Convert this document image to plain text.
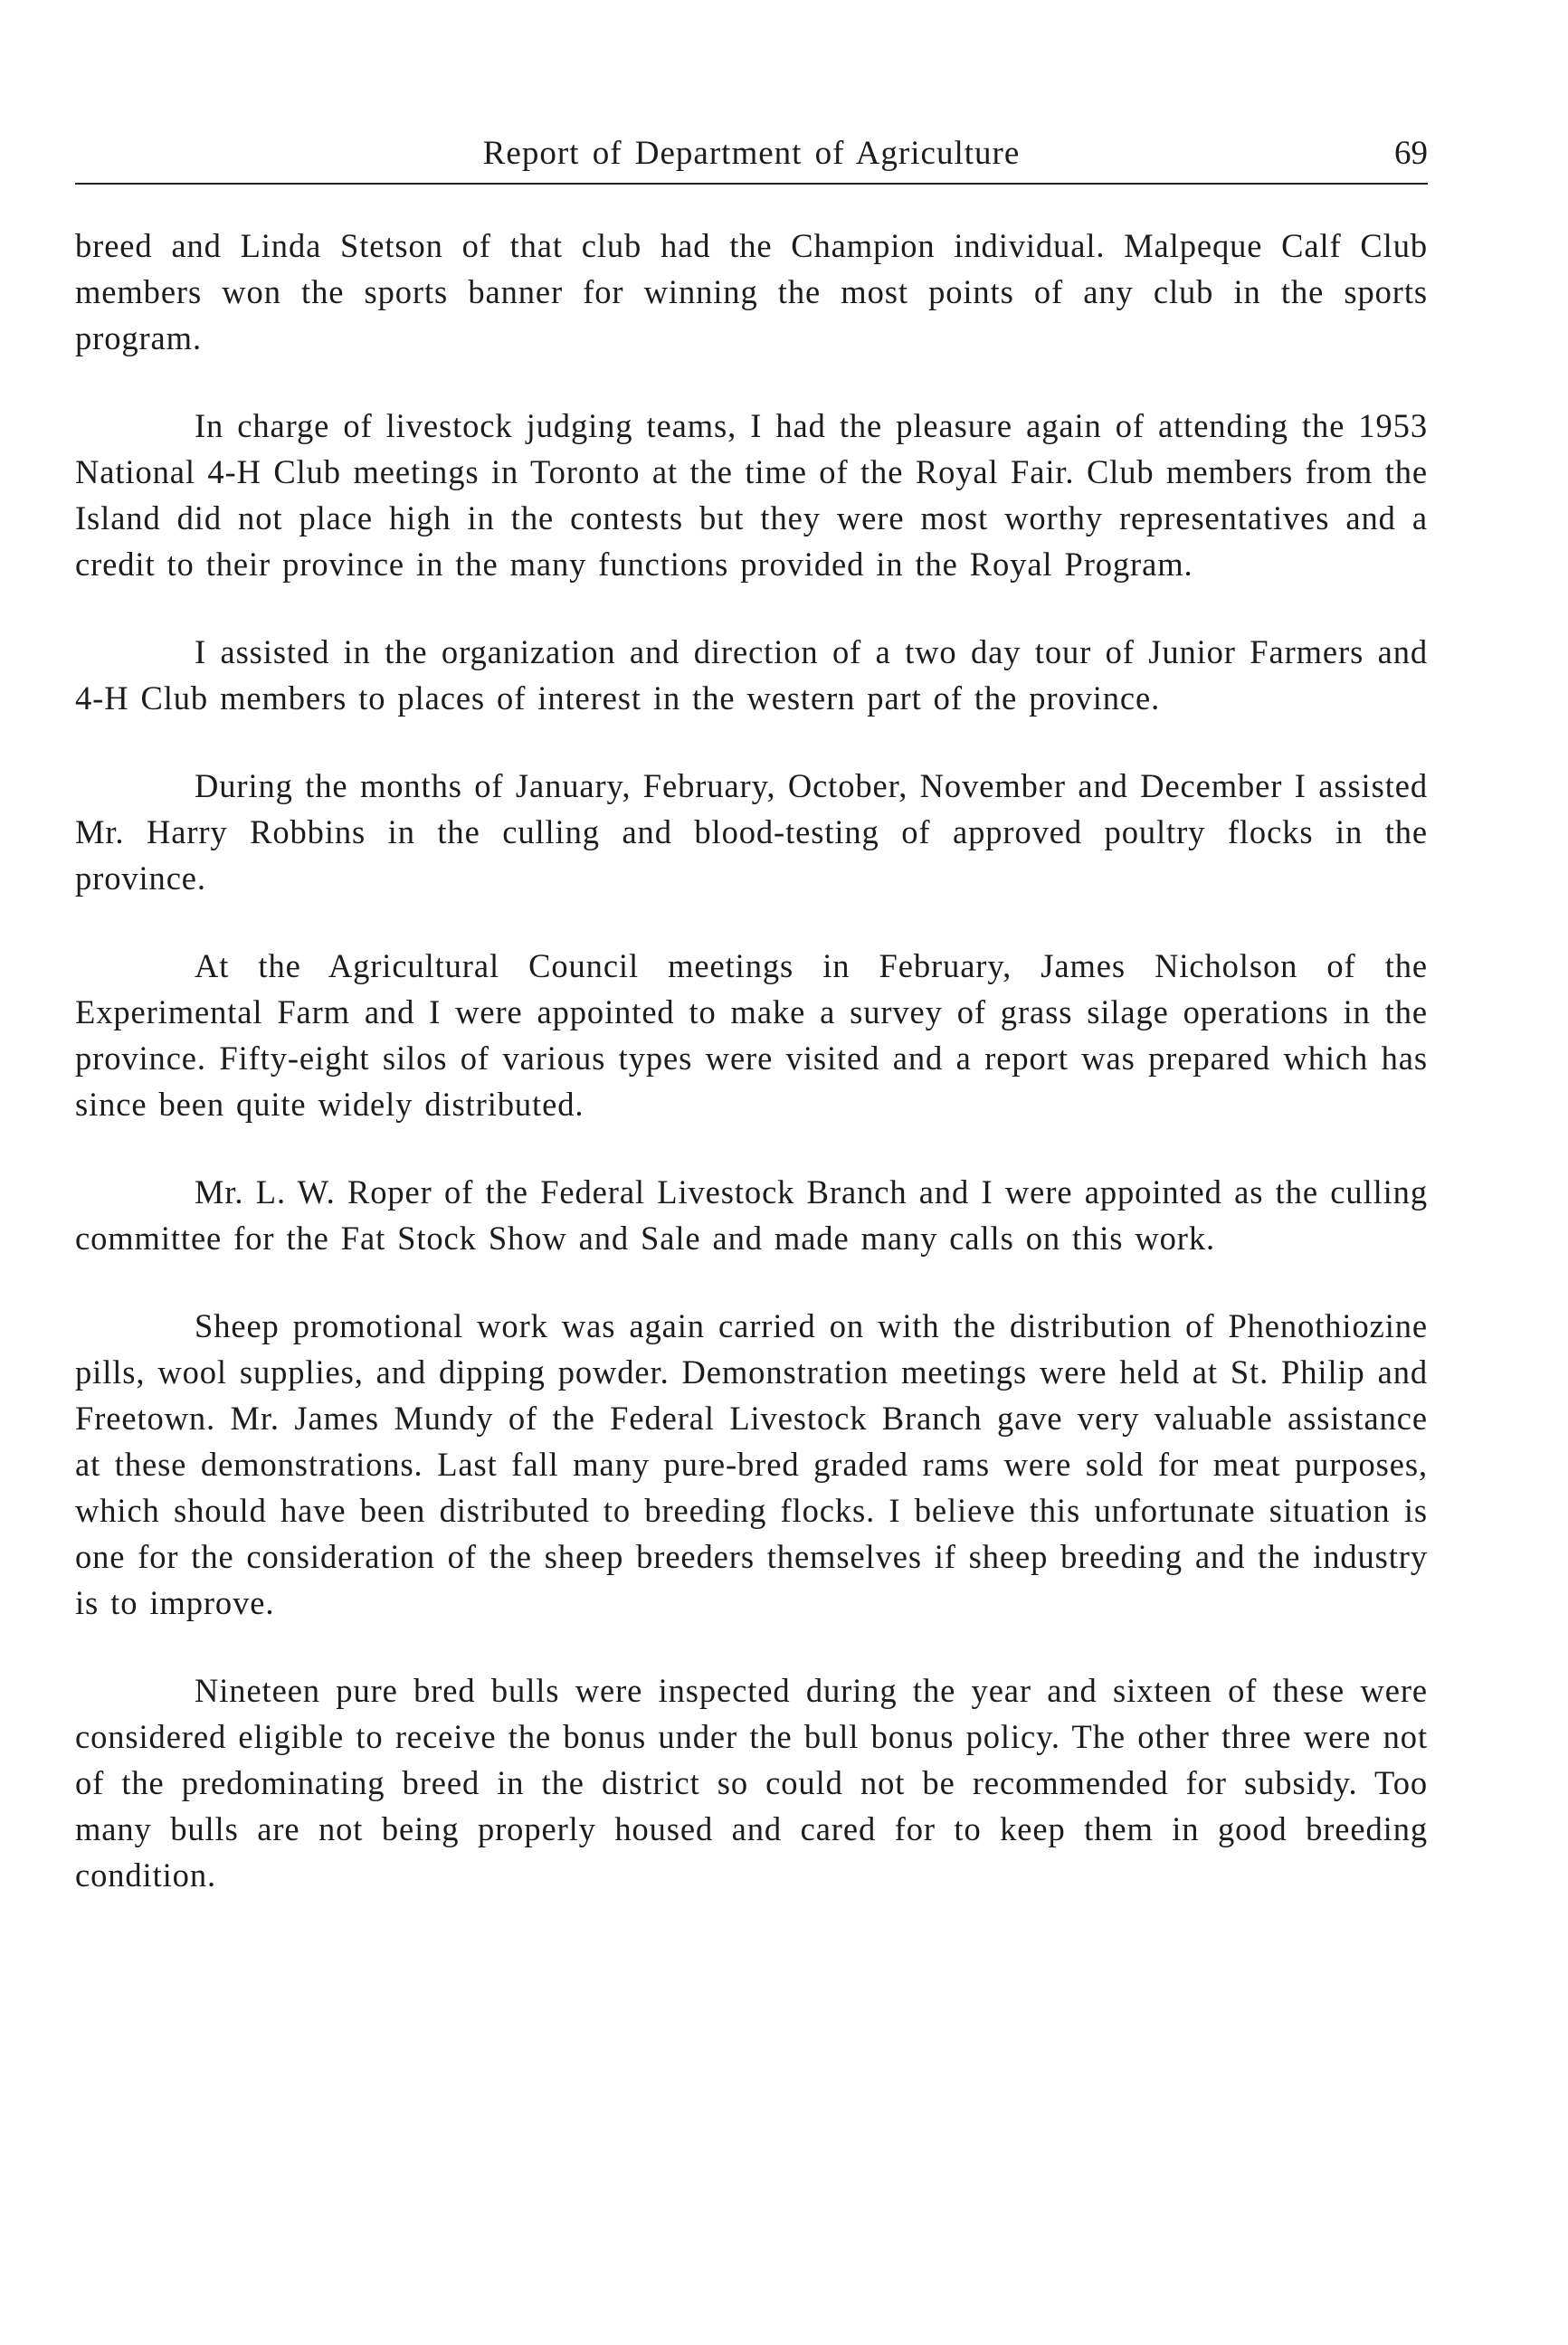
Report of Department of Agriculture	69

breed and Linda Stetson of that club had the Champion individual. Malpeque Calf Club members won the sports banner for winning the most points of any club in the sports program.

In charge of livestock judging teams, I had the pleasure again of attending the 1953 National 4-H Club meetings in Toronto at the time of the Royal Fair. Club members from the Island did not place high in the contests but they were most worthy representatives and a credit to their province in the many functions provided in the Royal Program.

I assisted in the organization and direction of a two day tour of Junior Farmers and 4-H Club members to places of interest in the western part of the province.

During the months of January, February, October, November and December I assisted Mr. Harry Robbins in the culling and blood-testing of approved poultry flocks in the province.

At the Agricultural Council meetings in February, James Nicholson of the Experimental Farm and I were appointed to make a survey of grass silage operations in the province. Fifty-eight silos of various types were visited and a report was prepared which has since been quite widely distributed.

Mr. L. W. Roper of the Federal Livestock Branch and I were appointed as the culling committee for the Fat Stock Show and Sale and made many calls on this work.

Sheep promotional work was again carried on with the distribution of Phenothiozine pills, wool supplies, and dipping powder. Demonstration meetings were held at St. Philip and Freetown. Mr. James Mundy of the Federal Livestock Branch gave very valuable assistance at these demonstrations. Last fall many pure-bred graded rams were sold for meat purposes, which should have been distributed to breeding flocks. I believe this unfortunate situation is one for the consideration of the sheep breeders themselves if sheep breeding and the industry is to improve.

Nineteen pure bred bulls were inspected during the year and sixteen of these were considered eligible to receive the bonus under the bull bonus policy. The other three were not of the predominating breed in the district so could not be recommended for subsidy. Too many bulls are not being properly housed and cared for to keep them in good breeding condition.
